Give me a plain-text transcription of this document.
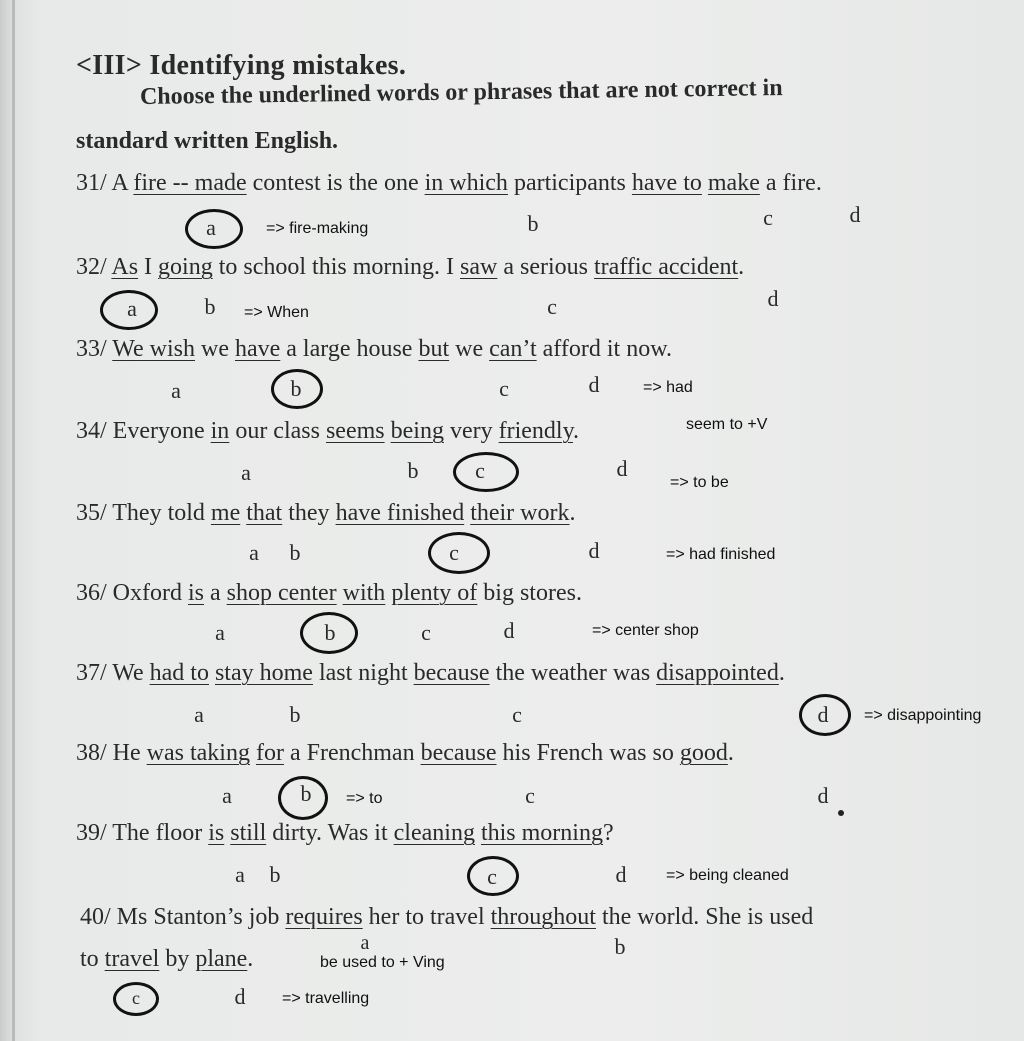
<III> Identifying mistakes.
Choose the underlined words or phrases that are not correct in
standard written English.
31/ A fire -- made contest is the one in which participants have to make a fire.
a	b	c	d
=> fire-making
32/ As I going to school this morning. I saw a serious traffic accident.
a	b	c	d
=> When
33/ We wish we have a large house but we can’t afford it now.
a	b	c	d	=> had
34/ Everyone in our class seems being very friendly.	seem to +V
a	b	c	d
=> to be
35/ They told me that they have finished their work.
a b	c	d	=> had finished
36/ Oxford is a shop center with plenty of big stores.
a	b	c	d	=> center shop
37/ We had to stay home last night because the weather was disappointed.
a	b	c	d => disappointing
38/ He was taking for a Frenchman because his French was so good.
a	b => to	c	d
39/ The floor is still dirty. Was it cleaning this morning?
a b	c	d => being cleaned
40/ Ms Stanton’s job requires her to travel throughout the world. She is used
a	b
to travel by plane.	be used to + Ving
c	d => travelling
